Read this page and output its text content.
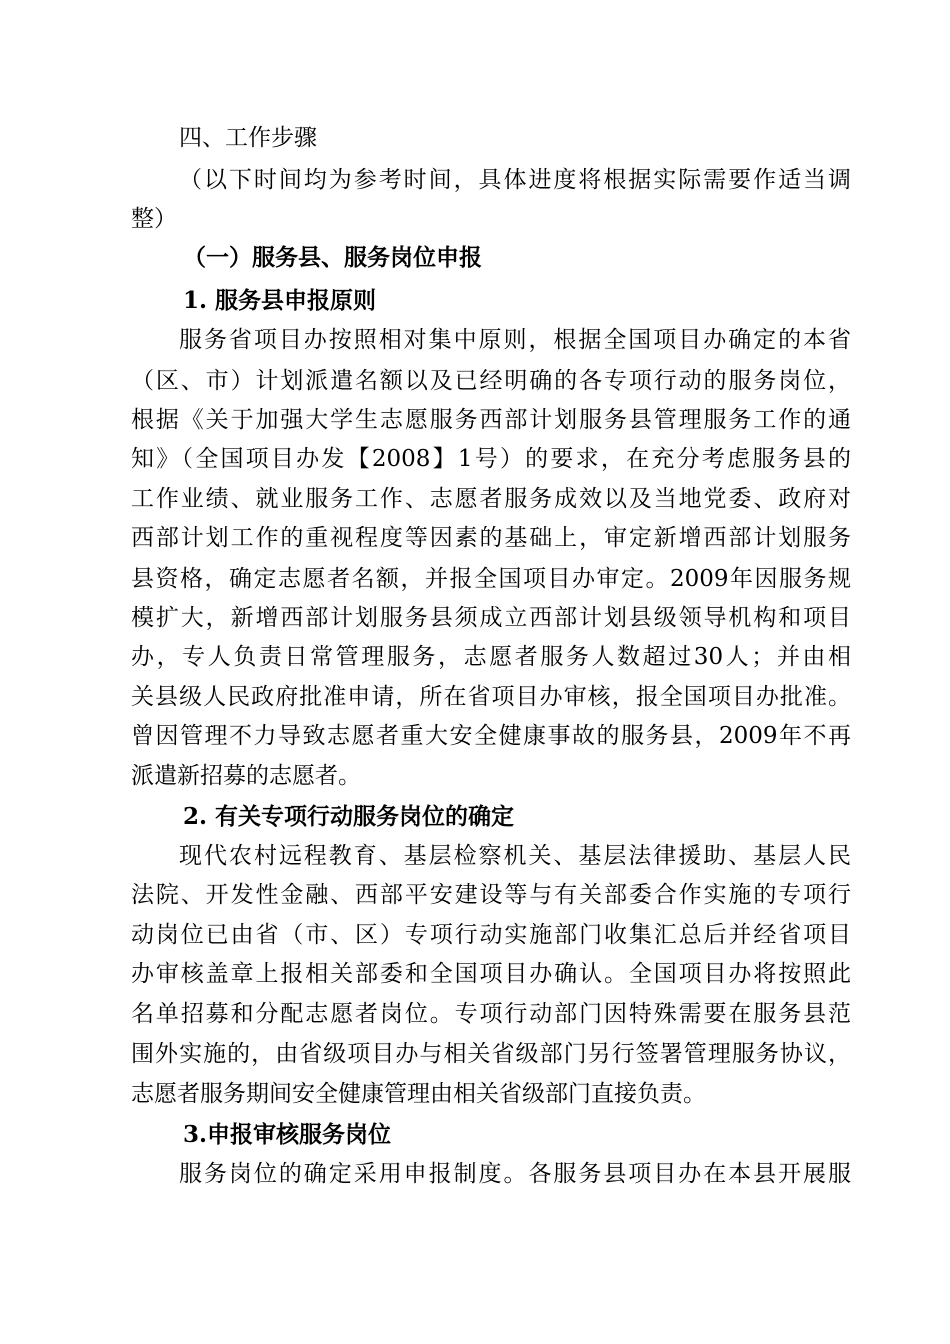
四、工作步骤
（以下时间均为参考时间，具体进度将根据实际需要作适当调
整）
（一）服务县、服务岗位申报
1. 服务县申报原则
服务省项目办按照相对集中原则，根据全国项目办确定的本省
（区、市）计划派遣名额以及已经明确的各专项行动的服务岗位，
根据《关于加强大学生志愿服务西部计划服务县管理服务工作的通
知》（全国项目办发【2008】1号）的要求，在充分考虑服务县的
工作业绩、就业服务工作、志愿者服务成效以及当地党委、政府对
西部计划工作的重视程度等因素的基础上，审定新增西部计划服务
县资格，确定志愿者名额，并报全国项目办审定。2009年因服务规
模扩大，新增西部计划服务县须成立西部计划县级领导机构和项目
办，专人负责日常管理服务，志愿者服务人数超过30人；并由相
关县级人民政府批准申请，所在省项目办审核，报全国项目办批准。
曾因管理不力导致志愿者重大安全健康事故的服务县，2009年不再
派遣新招募的志愿者。
2. 有关专项行动服务岗位的确定
现代农村远程教育、基层检察机关、基层法律援助、基层人民
法院、开发性金融、西部平安建设等与有关部委合作实施的专项行
动岗位已由省（市、区）专项行动实施部门收集汇总后并经省项目
办审核盖章上报相关部委和全国项目办确认。全国项目办将按照此
名单招募和分配志愿者岗位。专项行动部门因特殊需要在服务县范
围外实施的，由省级项目办与相关省级部门另行签署管理服务协议，
志愿者服务期间安全健康管理由相关省级部门直接负责。
3.申报审核服务岗位
服务岗位的确定采用申报制度。各服务县项目办在本县开展服
